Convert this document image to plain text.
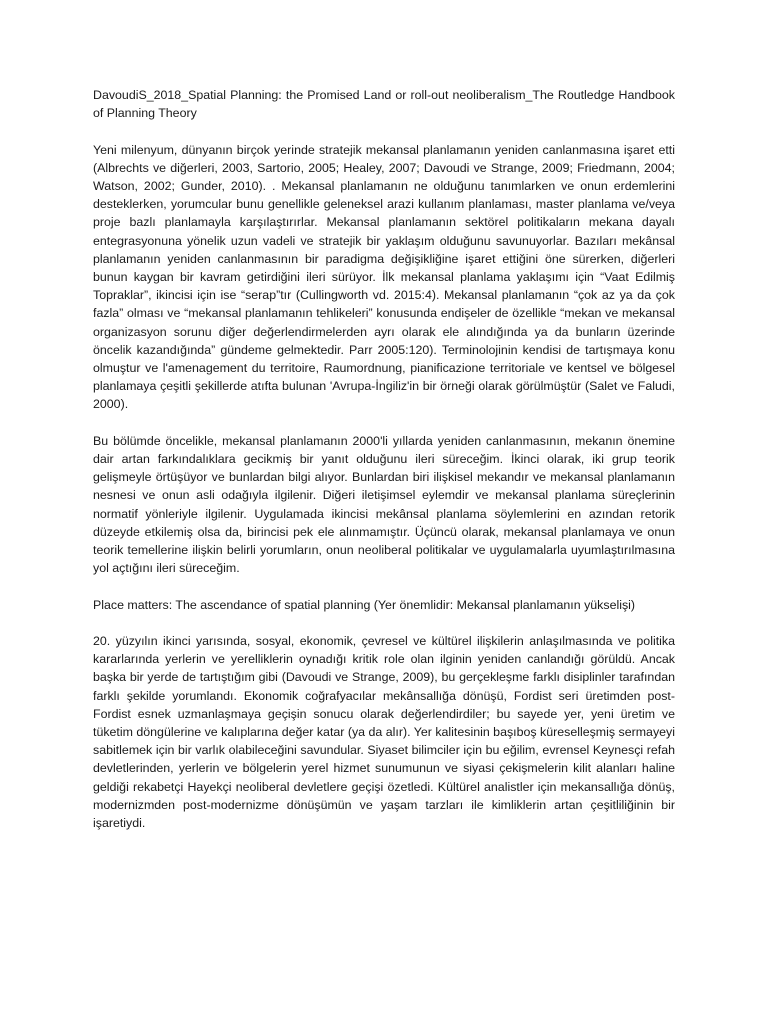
DavoudiS_2018_Spatial Planning: the Promised Land or roll-out neoliberalism_The Routledge Handbook of Planning Theory

Yeni milenyum, dünyanın birçok yerinde stratejik mekansal planlamanın yeniden canlanmasına işaret etti (Albrechts ve diğerleri, 2003, Sartorio, 2005; Healey, 2007; Davoudi ve Strange, 2009; Friedmann, 2004; Watson, 2002; Gunder, 2010). . Mekansal planlamanın ne olduğunu tanımlarken ve onun erdemlerini desteklerken, yorumcular bunu genellikle geleneksel arazi kullanım planlaması, master planlama ve/veya proje bazlı planlamayla karşılaştırırlar. Mekansal planlamanın sektörel politikaların mekana dayalı entegrasyonuna yönelik uzun vadeli ve stratejik bir yaklaşım olduğunu savunuyorlar. Bazıları mekânsal planlamanın yeniden canlanmasının bir paradigma değişikliğine işaret ettiğini öne sürerken, diğerleri bunun kaygan bir kavram getirdiğini ileri sürüyor. İlk mekansal planlama yaklaşımı için “Vaat Edilmiş Topraklar”, ikincisi için ise “serap”tır (Cullingworth vd. 2015:4). Mekansal planlamanın “çok az ya da çok fazla” olması ve “mekansal planlamanın tehlikeleri” konusunda endişeler de özellikle “mekan ve mekansal organizasyon sorunu diğer değerlendirmelerden ayrı olarak ele alındığında ya da bunların üzerinde öncelik kazandığında” gündeme gelmektedir. Parr 2005:120). Terminolojinin kendisi de tartışmaya konu olmuştur ve l'amenagement du territoire, Raumordnung, pianificazione territoriale ve kentsel ve bölgesel planlamaya çeşitli şekillerde atıfta bulunan 'Avrupa-İngiliz'in bir örneği olarak görülmüştür (Salet ve Faludi, 2000).

Bu bölümde öncelikle, mekansal planlamanın 2000'li yıllarda yeniden canlanmasının, mekanın önemine dair artan farkındalıklara gecikmiş bir yanıt olduğunu ileri süreceğim. İkinci olarak, iki grup teorik gelişmeyle örtüşüyor ve bunlardan bilgi alıyor. Bunlardan biri ilişkisel mekandır ve mekansal planlamanın nesnesi ve onun asli odağıyla ilgilenir. Diğeri iletişimsel eylemdir ve mekansal planlama süreçlerinin normatif yönleriyle ilgilenir. Uygulamada ikincisi mekânsal planlama söylemlerini en azından retorik düzeyde etkilemiş olsa da, birincisi pek ele alınmamıştır. Üçüncü olarak, mekansal planlamaya ve onun teorik temellerine ilişkin belirli yorumların, onun neoliberal politikalar ve uygulamalarla uyumlaştırılmasına yol açtığını ileri süreceğim.

Place matters: The ascendance of spatial planning (Yer önemlidir: Mekansal planlamanın yükselişi)

20. yüzyılın ikinci yarısında, sosyal, ekonomik, çevresel ve kültürel ilişkilerin anlaşılmasında ve politika kararlarında yerlerin ve yerelliklerin oynadığı kritik role olan ilginin yeniden canlandığı görüldü. Ancak başka bir yerde de tartıştığım gibi (Davoudi ve Strange, 2009), bu gerçekleşme farklı disiplinler tarafından farklı şekilde yorumlandı. Ekonomik coğrafyacılar mekânsallığa dönüşü, Fordist seri üretimden post-Fordist esnek uzmanlaşmaya geçişin sonucu olarak değerlendirdiler; bu sayede yer, yeni üretim ve tüketim döngülerine ve kalıplarına değer katar (ya da alır). Yer kalitesinin başıboş küreselleşmiş sermayeyi sabitlemek için bir varlık olabileceğini savundular. Siyaset bilimciler için bu eğilim, evrensel Keynesçi refah devletlerinden, yerlerin ve bölgelerin yerel hizmet sunumunun ve siyasi çekişmelerin kilit alanları haline geldiği rekabetçi Hayekçi neoliberal devletlere geçişi özetledi. Kültürel analistler için mekansallığa dönüş, modernizmden post-modernizme dönüşümün ve yaşam tarzları ile kimliklerin artan çeşitliliğinin bir işaretiydi.
